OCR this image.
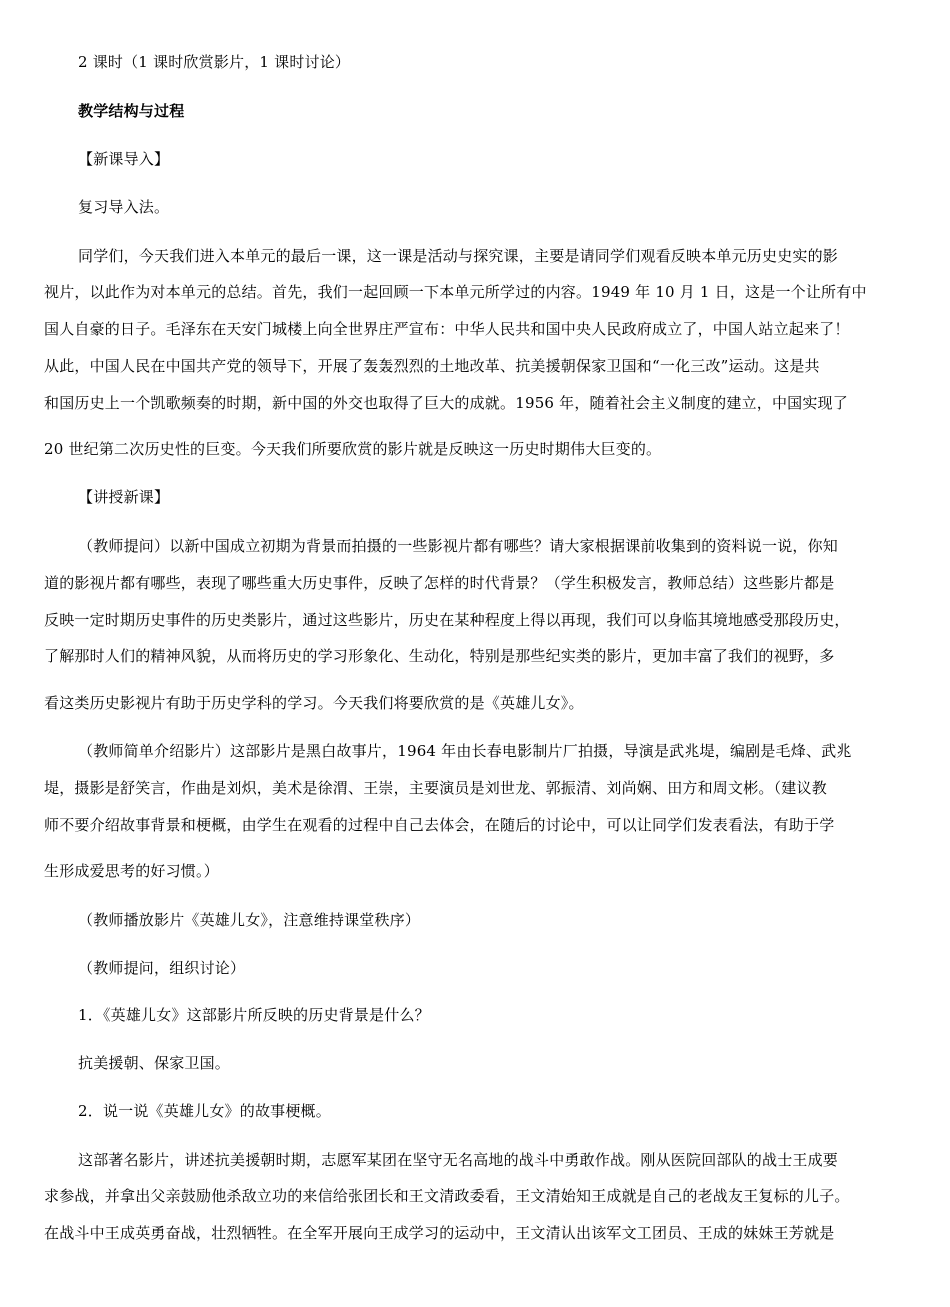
2 课时（1 课时欣赏影片，1 课时讨论）
教学结构与过程
【新课导入】
复习导入法。
同学们，今天我们进入本单元的最后一课，这一课是活动与探究课，主要是请同学们观看反映本单元历史史实的影
视片，以此作为对本单元的总结。首先，我们一起回顾一下本单元所学过的内容。1949 年 10 月 1 日，这是一个让所有中
国人自豪的日子。毛泽东在天安门城楼上向全世界庄严宣布：中华人民共和国中央人民政府成立了，中国人站立起来了！
从此，中国人民在中国共产党的领导下，开展了轰轰烈烈的土地改革、抗美援朝保家卫国和“一化三改”运动。这是共
和国历史上一个凯歌频奏的时期，新中国的外交也取得了巨大的成就。1956 年，随着社会主义制度的建立，中国实现了
20 世纪第二次历史性的巨变。今天我们所要欣赏的影片就是反映这一历史时期伟大巨变的。
【讲授新课】
（教师提问）以新中国成立初期为背景而拍摄的一些影视片都有哪些？请大家根据课前收集到的资料说一说，你知
道的影视片都有哪些，表现了哪些重大历史事件，反映了怎样的时代背景？（学生积极发言，教师总结）这些影片都是
反映一定时期历史事件的历史类影片，通过这些影片，历史在某种程度上得以再现，我们可以身临其境地感受那段历史，
了解那时人们的精神风貌，从而将历史的学习形象化、生动化，特别是那些纪实类的影片，更加丰富了我们的视野，多
看这类历史影视片有助于历史学科的学习。今天我们将要欣赏的是《英雄儿女》。
（教师简单介绍影片）这部影片是黑白故事片，1964 年由长春电影制片厂拍摄，导演是武兆堤，编剧是毛烽、武兆
堤，摄影是舒笑言，作曲是刘炽，美术是徐渭、王崇，主要演员是刘世龙、郭振清、刘尚娴、田方和周文彬。（建议教
师不要介绍故事背景和梗概，由学生在观看的过程中自己去体会，在随后的讨论中，可以让同学们发表看法，有助于学
生形成爱思考的好习惯。）
（教师播放影片《英雄儿女》，注意维持课堂秩序）
（教师提问，组织讨论）
1．《英雄儿女》这部影片所反映的历史背景是什么？
抗美援朝、保家卫国。
2．说一说《英雄儿女》的故事梗概。
这部著名影片，讲述抗美援朝时期，志愿军某团在坚守无名高地的战斗中勇敢作战。刚从医院回部队的战士王成要
求参战，并拿出父亲鼓励他杀敌立功的来信给张团长和王文清政委看，王文清始知王成就是自己的老战友王复标的儿子。
在战斗中王成英勇奋战，壮烈牺牲。在全军开展向王成学习的运动中，王文清认出该军文工团员、王成的妹妹王芳就是
